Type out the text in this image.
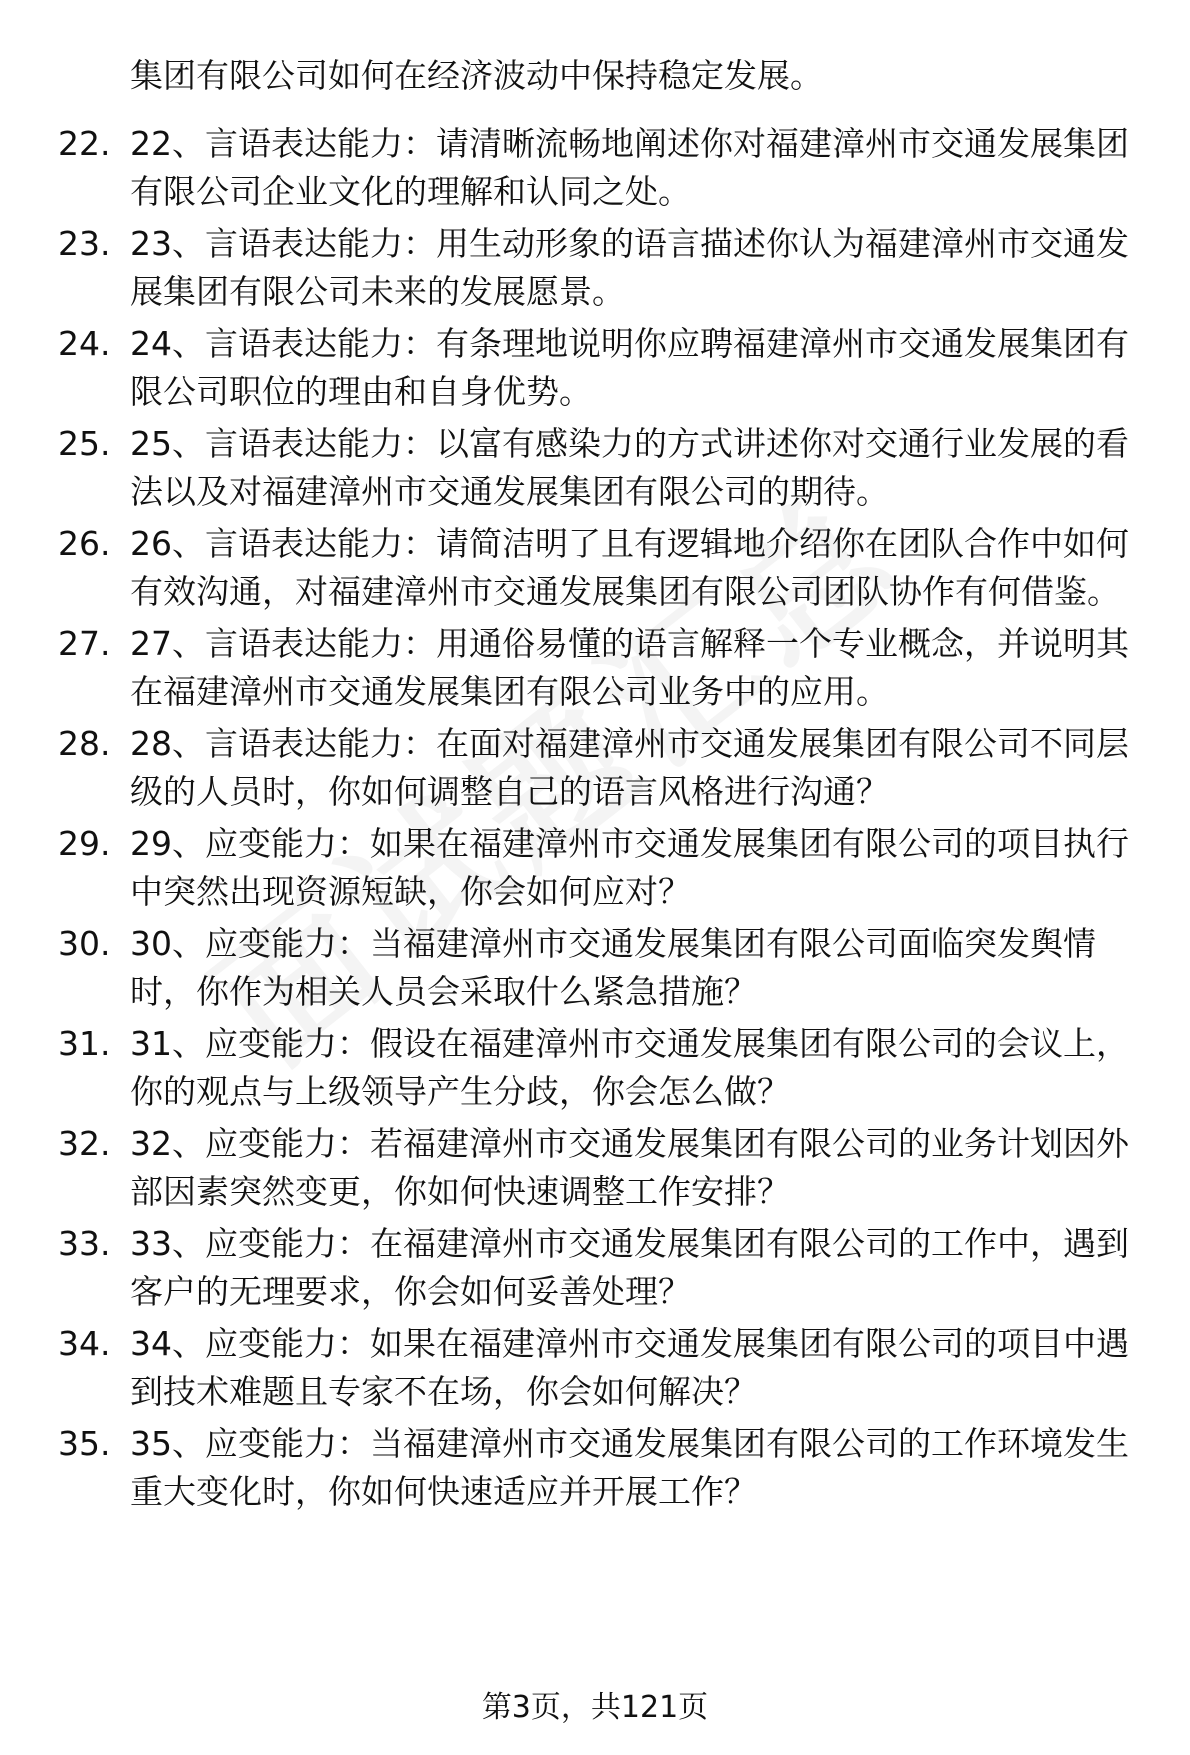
集团有限公司如何在经济波动中保持稳定发展。
22. 22、言语表达能力：请清晰流畅地阐述你对福建漳州市交通发展集团有限公司企业文化的理解和认同之处。
23. 23、言语表达能力：用生动形象的语言描述你认为福建漳州市交通发展集团有限公司未来的发展愿景。
24. 24、言语表达能力：有条理地说明你应聘福建漳州市交通发展集团有限公司职位的理由和自身优势。
25. 25、言语表达能力：以富有感染力的方式讲述你对交通行业发展的看法以及对福建漳州市交通发展集团有限公司的期待。
26. 26、言语表达能力：请简洁明了且有逻辑地介绍你在团队合作中如何有效沟通，对福建漳州市交通发展集团有限公司团队协作有何借鉴。
27. 27、言语表达能力：用通俗易懂的语言解释一个专业概念，并说明其在福建漳州市交通发展集团有限公司业务中的应用。
28. 28、言语表达能力：在面对福建漳州市交通发展集团有限公司不同层级的人员时，你如何调整自己的语言风格进行沟通？
29. 29、应变能力：如果在福建漳州市交通发展集团有限公司的项目执行中突然出现资源短缺，你会如何应对？
30. 30、应变能力：当福建漳州市交通发展集团有限公司面临突发舆情时，你作为相关人员会采取什么紧急措施？
31. 31、应变能力：假设在福建漳州市交通发展集团有限公司的会议上，你的观点与上级领导产生分歧，你会怎么做？
32. 32、应变能力：若福建漳州市交通发展集团有限公司的业务计划因外部因素突然变更，你如何快速调整工作安排？
33. 33、应变能力：在福建漳州市交通发展集团有限公司的工作中，遇到客户的无理要求，你会如何妥善处理？
34. 34、应变能力：如果在福建漳州市交通发展集团有限公司的项目中遇到技术难题且专家不在场，你会如何解决？
35. 35、应变能力：当福建漳州市交通发展集团有限公司的工作环境发生重大变化时，你如何快速适应并开展工作？
第3页，共121页
